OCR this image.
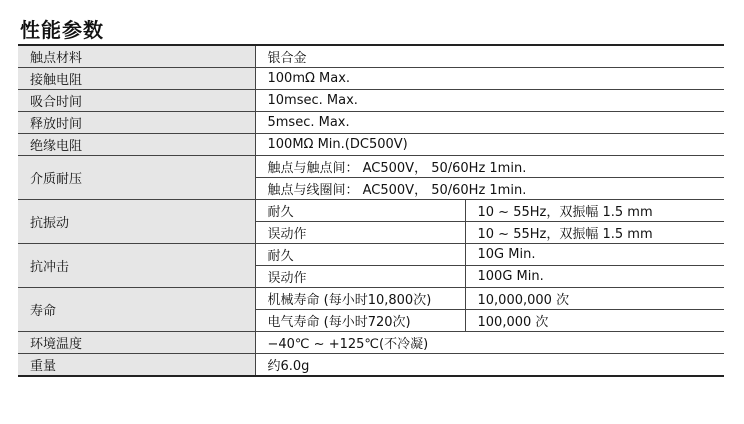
性能参数
触点材料	银合金	
接触电阻	100mΩ Max.	
吸合时间	10msec. Max.	
释放时间	5msec. Max.	
绝缘电阻	100MΩ Min.(DC500V)	
介质耐压	触点与触点间： AC500V， 50/60Hz 1min.	
	触点与线圈间： AC500V， 50/60Hz 1min.	
抗振动	耐久	10 ~ 55Hz，双振幅 1.5 mm
	误动作	10 ~ 55Hz，双振幅 1.5 mm
抗冲击	耐久	10G Min.
	误动作	100G Min.
寿命	机械寿命 (每小时10,800次)	10,000,000 次
	电气寿命 (每小时720次)	100,000 次
环境温度	−40℃ ~ +125℃(不冷凝)	
重量	约6.0g	
